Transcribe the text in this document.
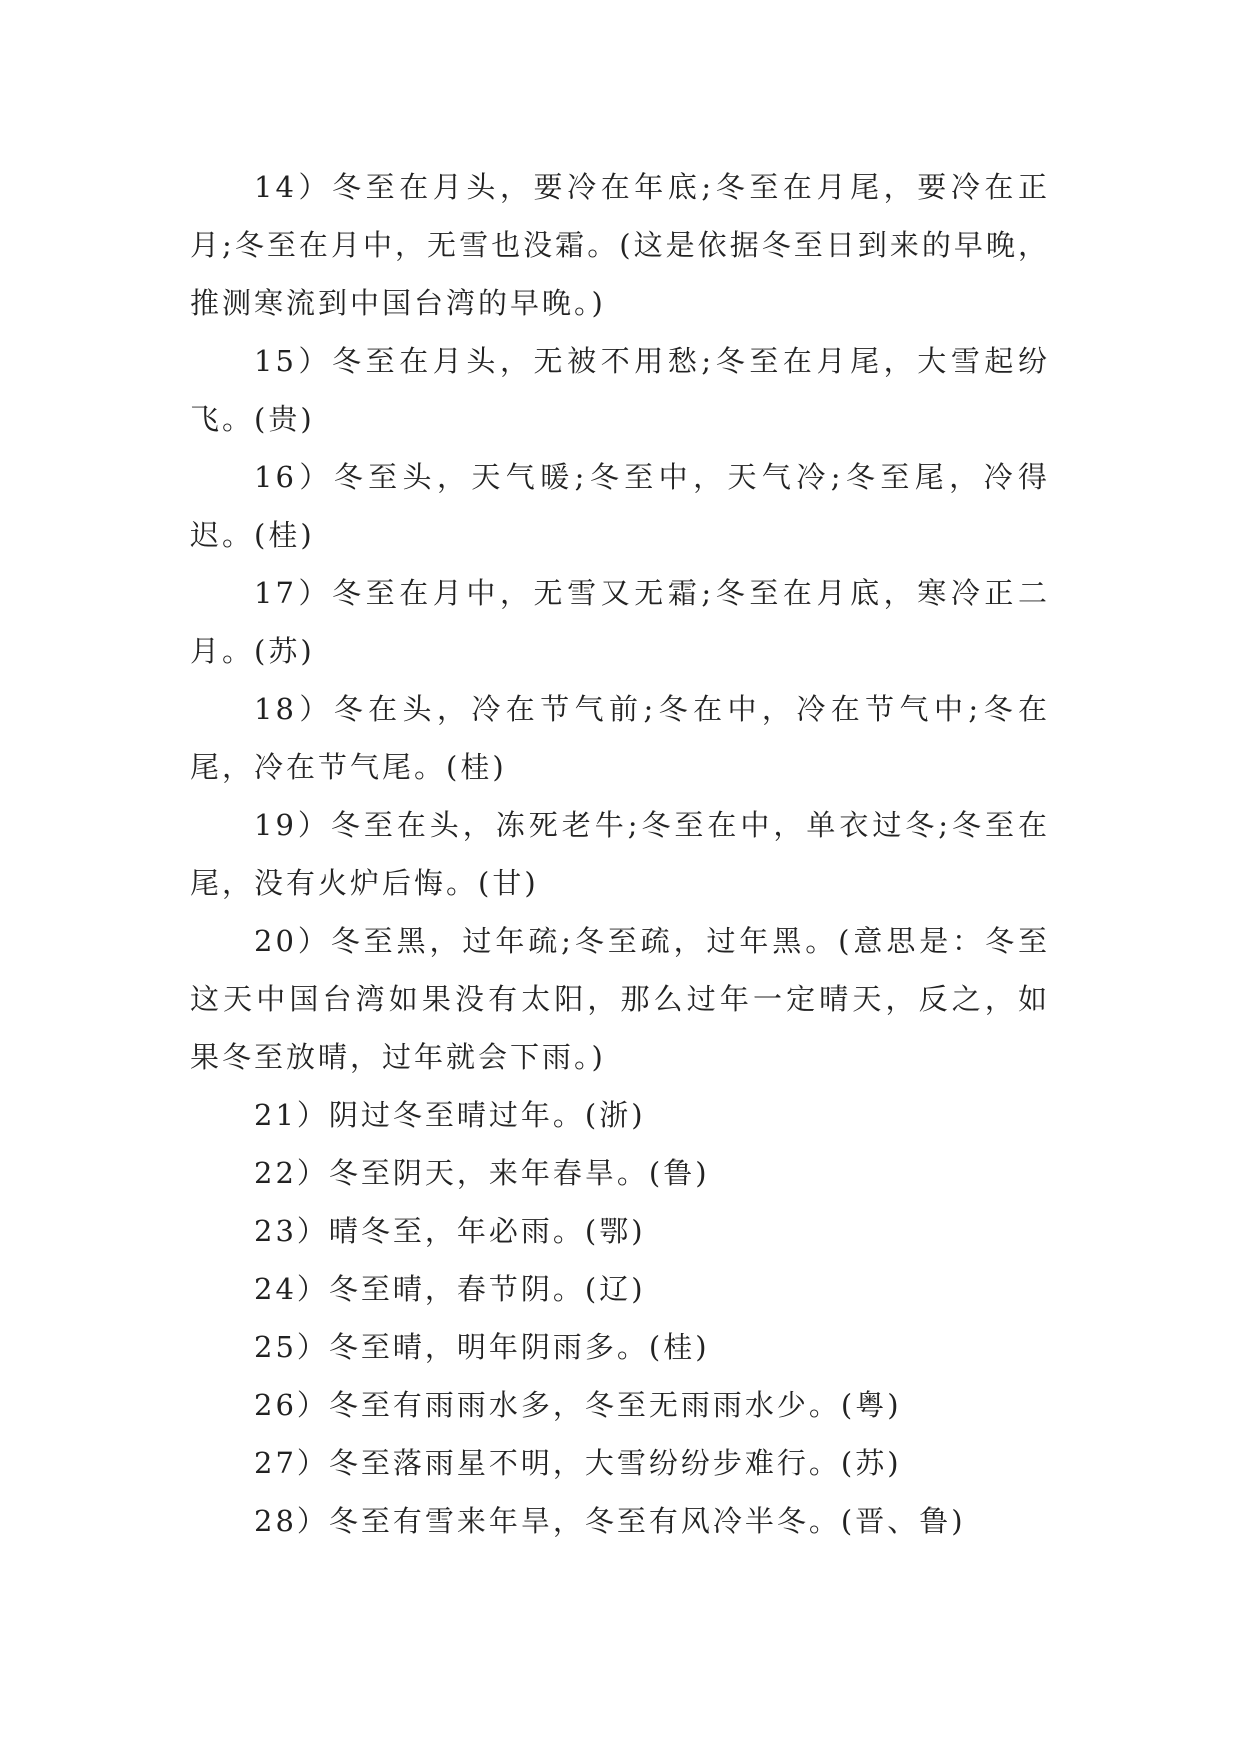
14）冬至在月头，要冷在年底;冬至在月尾，要冷在正月;冬至在月中，无雪也没霜。(这是依据冬至日到来的早晚，推测寒流到中国台湾的早晚。)

15）冬至在月头，无被不用愁;冬至在月尾，大雪起纷飞。(贵)

16）冬至头，天气暖;冬至中，天气冷;冬至尾，冷得迟。(桂)

17）冬至在月中，无雪又无霜;冬至在月底，寒冷正二月。(苏)

18）冬在头，冷在节气前;冬在中，冷在节气中;冬在尾，冷在节气尾。(桂)

19）冬至在头，冻死老牛;冬至在中，单衣过冬;冬至在尾，没有火炉后悔。(甘)

20）冬至黑，过年疏;冬至疏，过年黑。(意思是：冬至这天中国台湾如果没有太阳，那么过年一定晴天，反之，如果冬至放晴，过年就会下雨。)

21）阴过冬至晴过年。(浙)

22）冬至阴天，来年春旱。(鲁)

23）晴冬至，年必雨。(鄂)

24）冬至晴，春节阴。(辽)

25）冬至晴，明年阴雨多。(桂)

26）冬至有雨雨水多，冬至无雨雨水少。(粤)

27）冬至落雨星不明，大雪纷纷步难行。(苏)

28）冬至有雪来年旱，冬至有风冷半冬。(晋、鲁)
